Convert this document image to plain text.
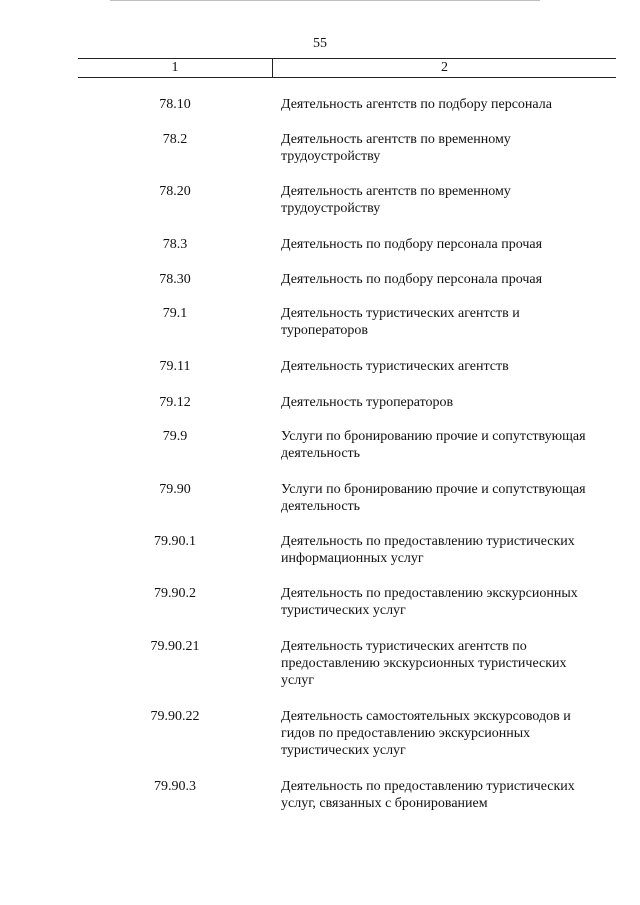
55
1	2
78.10	Деятельность агентств по подбору персонала
78.2	Деятельность агентств по временному трудоустройству
78.20	Деятельность агентств по временному трудоустройству
78.3	Деятельность по подбору персонала прочая
78.30	Деятельность по подбору персонала прочая
79.1	Деятельность туристических агентств и туроператоров
79.11	Деятельность туристических агентств
79.12	Деятельность туроператоров
79.9	Услуги по бронированию прочие и сопутствующая деятельность
79.90	Услуги по бронированию прочие и сопутствующая деятельность
79.90.1	Деятельность по предоставлению туристических информационных услуг
79.90.2	Деятельность по предоставлению экскурсионных туристических услуг
79.90.21	Деятельность туристических агентств по предоставлению экскурсионных туристических услуг
79.90.22	Деятельность самостоятельных экскурсоводов и гидов по предоставлению экскурсионных туристических услуг
79.90.3	Деятельность по предоставлению туристических услуг, связанных с бронированием
